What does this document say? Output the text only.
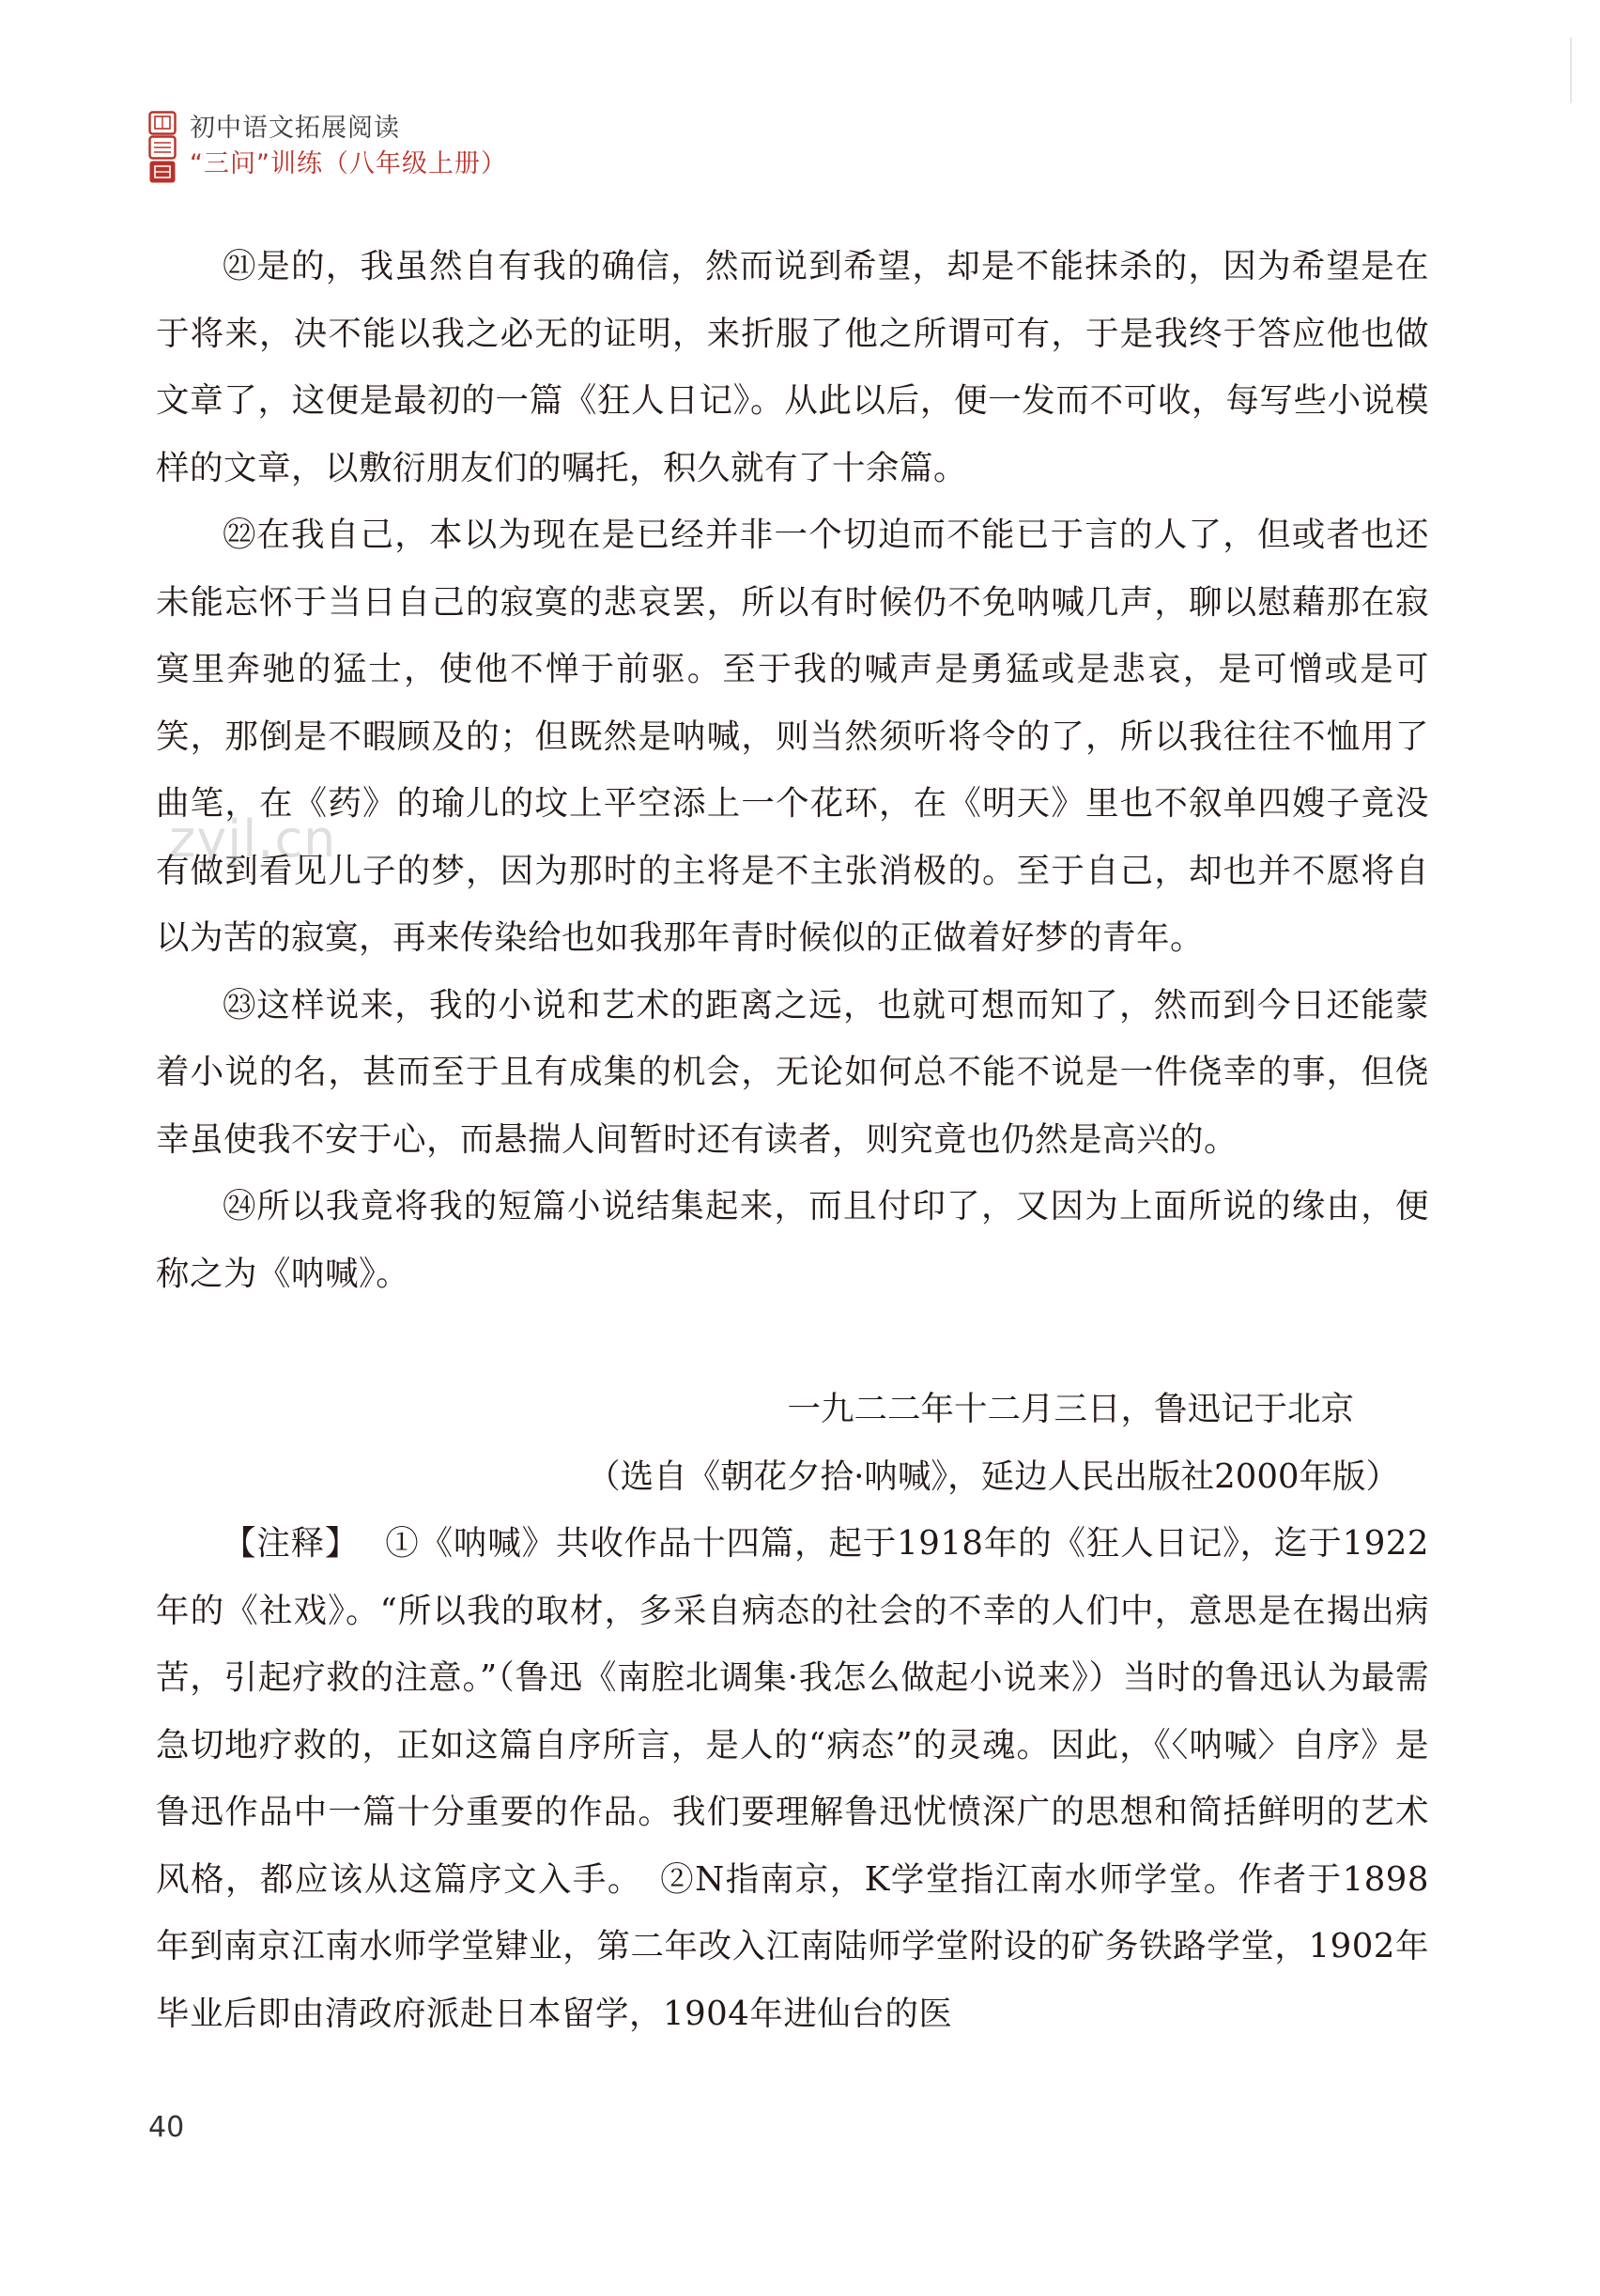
初中语文拓展阅读
“三问”训练（八年级上册）

㉑是的，我虽然自有我的确信，然而说到希望，却是不能抹杀的，因为希望是在于将来，决不能以我之必无的证明，来折服了他之所谓可有，于是我终于答应他也做文章了，这便是最初的一篇《狂人日记》。从此以后，便一发而不可收，每写些小说模样的文章，以敷衍朋友们的嘱托，积久就有了十余篇。

㉒在我自己，本以为现在是已经并非一个切迫而不能已于言的人了，但或者也还未能忘怀于当日自己的寂寞的悲哀罢，所以有时候仍不免呐喊几声，聊以慰藉那在寂寞里奔驰的猛士，使他不惮于前驱。至于我的喊声是勇猛或是悲哀，是可憎或是可笑，那倒是不暇顾及的；但既然是呐喊，则当然须听将令的了，所以我往往不恤用了曲笔，在《药》的瑜儿的坟上平空添上一个花环，在《明天》里也不叙单四嫂子竟没有做到看见儿子的梦，因为那时的主将是不主张消极的。至于自己，却也并不愿将自以为苦的寂寞，再来传染给也如我那年青时候似的正做着好梦的青年。

㉓这样说来，我的小说和艺术的距离之远，也就可想而知了，然而到今日还能蒙着小说的名，甚而至于且有成集的机会，无论如何总不能不说是一件侥幸的事，但侥幸虽使我不安于心，而悬揣人间暂时还有读者，则究竟也仍然是高兴的。

㉔所以我竟将我的短篇小说结集起来，而且付印了，又因为上面所说的缘由，便称之为《呐喊》。

一九二二年十二月三日，鲁迅记于北京

（选自《朝花夕拾·呐喊》，延边人民出版社2000年版）

【注释】 ①《呐喊》共收作品十四篇，起于1918年的《狂人日记》，迄于1922年的《社戏》。“所以我的取材，多采自病态的社会的不幸的人们中，意思是在揭出病苦，引起疗救的注意。”（鲁迅《南腔北调集·我怎么做起小说来》）当时的鲁迅认为最需急切地疗救的，正如这篇自序所言，是人的“病态”的灵魂。因此，《〈呐喊〉自序》是鲁迅作品中一篇十分重要的作品。我们要理解鲁迅忧愤深广的思想和简括鲜明的艺术风格，都应该从这篇序文入手。　 ②N指南京，K学堂指江南水师学堂。作者于1898年到南京江南水师学堂肄业，第二年改入江南陆师学堂附设的矿务铁路学堂，1902年毕业后即由清政府派赴日本留学，1904年进仙台的医

zyjl.cn
40
